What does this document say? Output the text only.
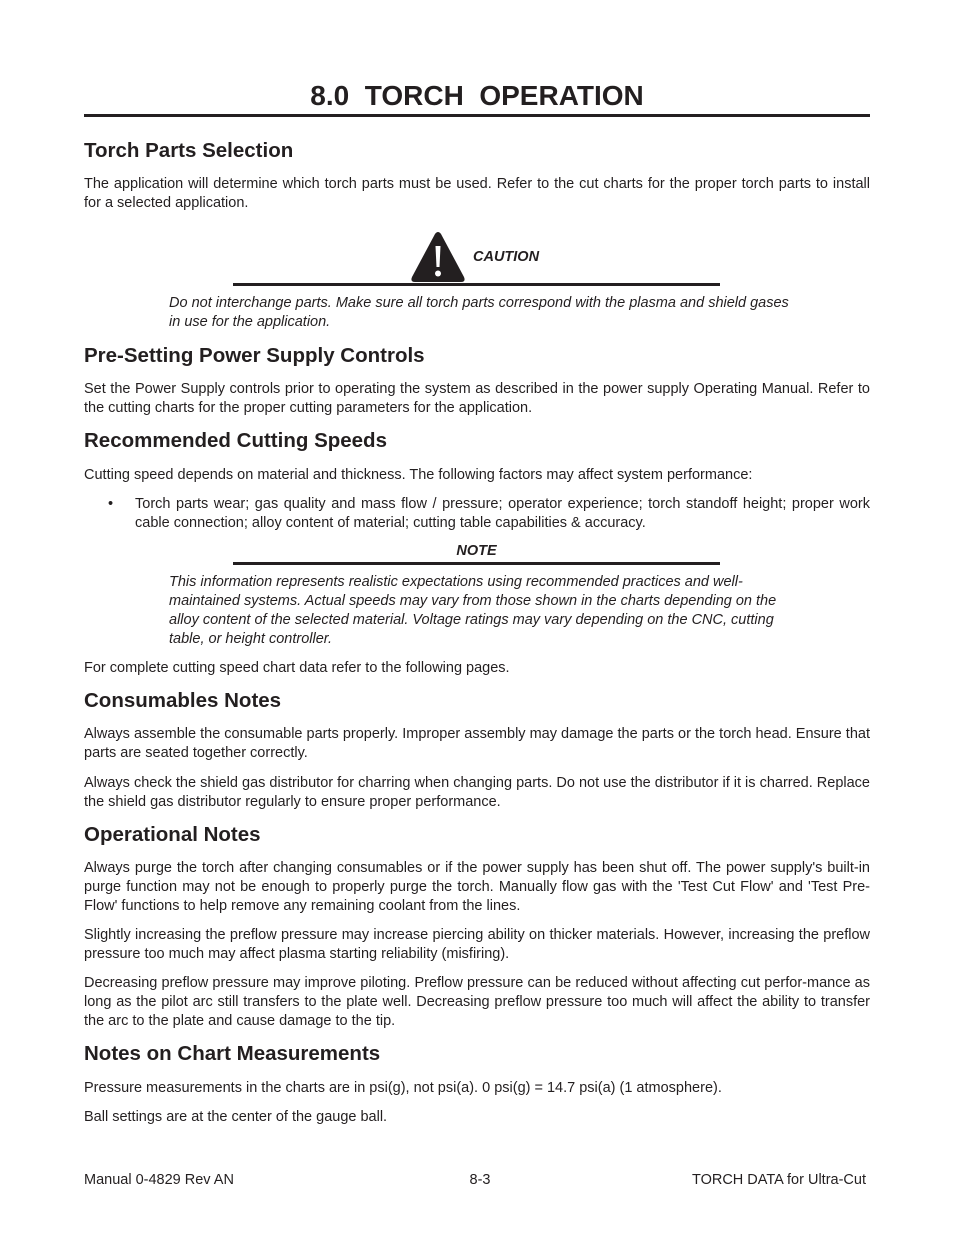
8.0  TORCH  OPERATION
Torch Parts Selection
The application will determine which torch parts must be used. Refer to the cut charts for the proper torch parts to install for a selected application.
CAUTION
Do not interchange parts. Make sure all torch parts correspond with the plasma and shield gases in use for the application.
Pre-Setting Power Supply Controls
Set the Power Supply controls prior to operating the system as described in the power supply Operating Manual. Refer to the cutting charts for the proper cutting parameters for the application.
Recommended Cutting Speeds
Cutting speed depends on material and thickness. The following factors may affect system performance:
• Torch parts wear; gas quality and mass flow / pressure; operator experience; torch standoff height; proper work cable connection; alloy content of material; cutting table capabilities & accuracy.
NOTE
This information represents realistic expectations using recommended practices and well-maintained systems. Actual speeds may vary from those shown in the charts depending on the alloy content of the selected material. Voltage ratings may vary depending on the CNC, cutting table, or height controller.
For complete cutting speed chart data refer to the following pages.
Consumables Notes
Always assemble the consumable parts properly. Improper assembly may damage the parts or the torch head. Ensure that parts are seated together correctly.
Always check the shield gas distributor for charring when changing parts. Do not use the distributor if it is charred. Replace the shield gas distributor regularly to ensure proper performance.
Operational Notes
Always purge the torch after changing consumables or if the power supply has been shut off. The power supply's built-in purge function may not be enough to properly purge the torch. Manually flow gas with the 'Test Cut Flow' and 'Test Pre-Flow' functions to help remove any remaining coolant from the lines.
Slightly increasing the preflow pressure may increase piercing ability on thicker materials. However, increasing the preflow pressure too much may affect plasma starting reliability (misfiring).
Decreasing preflow pressure may improve piloting. Preflow pressure can be reduced without affecting cut perfor-mance as long as the pilot arc still transfers to the plate well. Decreasing preflow pressure too much will affect the ability to transfer the arc to the plate and cause damage to the tip.
Notes on Chart Measurements
Pressure measurements in the charts are in psi(g), not psi(a). 0 psi(g) = 14.7 psi(a) (1 atmosphere).
Ball settings are at the center of the gauge ball.
Manual 0-4829 Rev AN	8-3	TORCH DATA for Ultra-Cut
